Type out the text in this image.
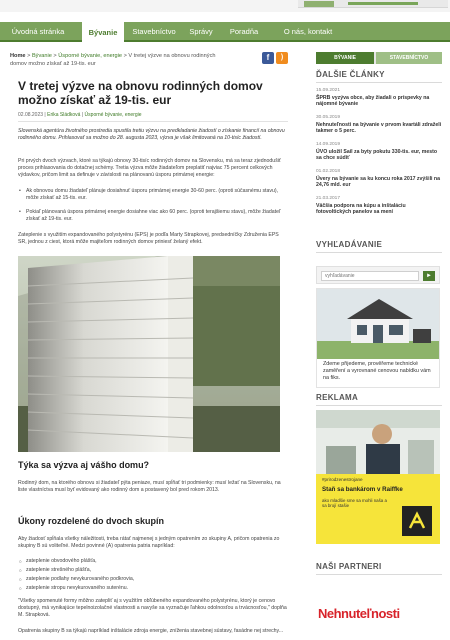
Úvodná stránka	Bývanie	Stavebníctvo	Správy	Poradňa	O nás, kontakt
Home > Bývanie > Úsporné bývanie, energie > V tretej výzve na obnovu rodinných domov možno získať až 19-tis. eur
f	)
V tretej výzve na obnovu rodinných domov možno získať až 19-tis. eur
02.08.2023 | Erika Sládková | Úsporné bývanie, energie
Slovenská agentúra životného prostredia spustila tretiu výzvu na predkladanie žiadostí o získanie financií na obnovu rodinného domu. Prihlasovať sa možno do 28. augusta 2023, výzva je však limitovaná na 10-tisíc žiadostí.
Pri prvých dvoch výzvach, ktoré sa týkajú obnovy 30-tisíc rodinných domov na Slovensku, má sa teraz zjednodušiť proces prihlasovania do dotačnej schémy. Tretia výzva môže žiadateľom preplatiť najviac 75 percent celkových výdavkov, pričom limit sa definuje v závislosti na plánovanú úsporu primárnej energie:
• Ak obnovou domu žiadateľ plánuje dosiahnuť úsporu primárnej energie 30-60 perc. (oproti súčasnému stavu), môže získať až 15-tis. eur.
• Pokiaľ plánovaná úspora primárnej energie dosiahne viac ako 60 perc. (oproti terajšiemu stavu), môže žiadateľ získať až 19-tis. eur.
Zateplenie s využitím expandovaného polystyrénu (EPS) je podľa Marty Strapkovej, predsedníčky Združenia EPS SR, jednou z ciest, ktorá môže majiteľom rodinných domov priniesť želaný efekt.
Týka sa výzva aj vášho domu?
Rodinný dom, na ktorého obnovu si žiadateľ pýta peniaze, musí spĺňať tri podmienky: musí ležať na Slovensku, na liste vlastníctva musí byť evidovaný ako rodinný dom a postavený bol pred rokom 2013.
Úkony rozdelené do dvoch skupín
Aby žiadosť spĺňala všetky náležitosti, treba rátať najmenej s jedným opatrením zo skupiny A, pričom opatrenia zo skupiny B sú voliteľné. Medzi povinné (A) opatrenia patria napríklad:
○ zateplenie obvodového plášťa,
○ zateplenie strešného plášťa,
○ zateplenie podlahy nevykurovaného podkrovia,
○ zateplenie stropu nevykurovaného suterénu.
"Všetky spomenuté formy môžno zatepliť aj s využitím obľúbeného expandovaného polystyrénu, ktorý je cenovo dostupný, má vynikajúce tepelnoizolačné vlastnosti a navyše sa vyznačuje ľahkou odolnosťou a trvácnosťou," doplňa M. Strapková.
Opatrenia skupiny B sa týkajú napríklad inštalácie zdroja energie, zníženia stavebnej sústavy, fasádne nej strechy...
BÝVANIE	STAVEBNÍCTVO
ĎALŠIE ČLÁNKY
15.09.2021
ŠPRB vyzýva obce, aby žiadali o príspevky na nájomné bývanie
30.05.2019
Nehnuteľnosti na bývanie v prvom kvartáli zdraželi takmer o 5 perc.
14.09.2019
ÚVO uložil Sail za byty pokutu 330-tis. eur, mesto sa chce súdiť
01.02.2018
Úvery na bývanie sa ku koncu roka 2017 zvýšili na 24,76 mld. eur
21.03.2017
Väčšia podpora na kúpu a inštaláciu fotovoltických panelov sa mení
VYHĽADÁVANIE
vyhľadávanie
►
Zdeme přijedeme, prověřeme technické zaměření a vyrovnané cenovou nabídku vám na fiks.
REKLAMA
#prirodzenestrojane
Staň sa bankárom v Raiffke
ako mladšie sme sa mohli naša a sa brojí stašie
NAŠI PARTNERI
Nehnuteľnosti
